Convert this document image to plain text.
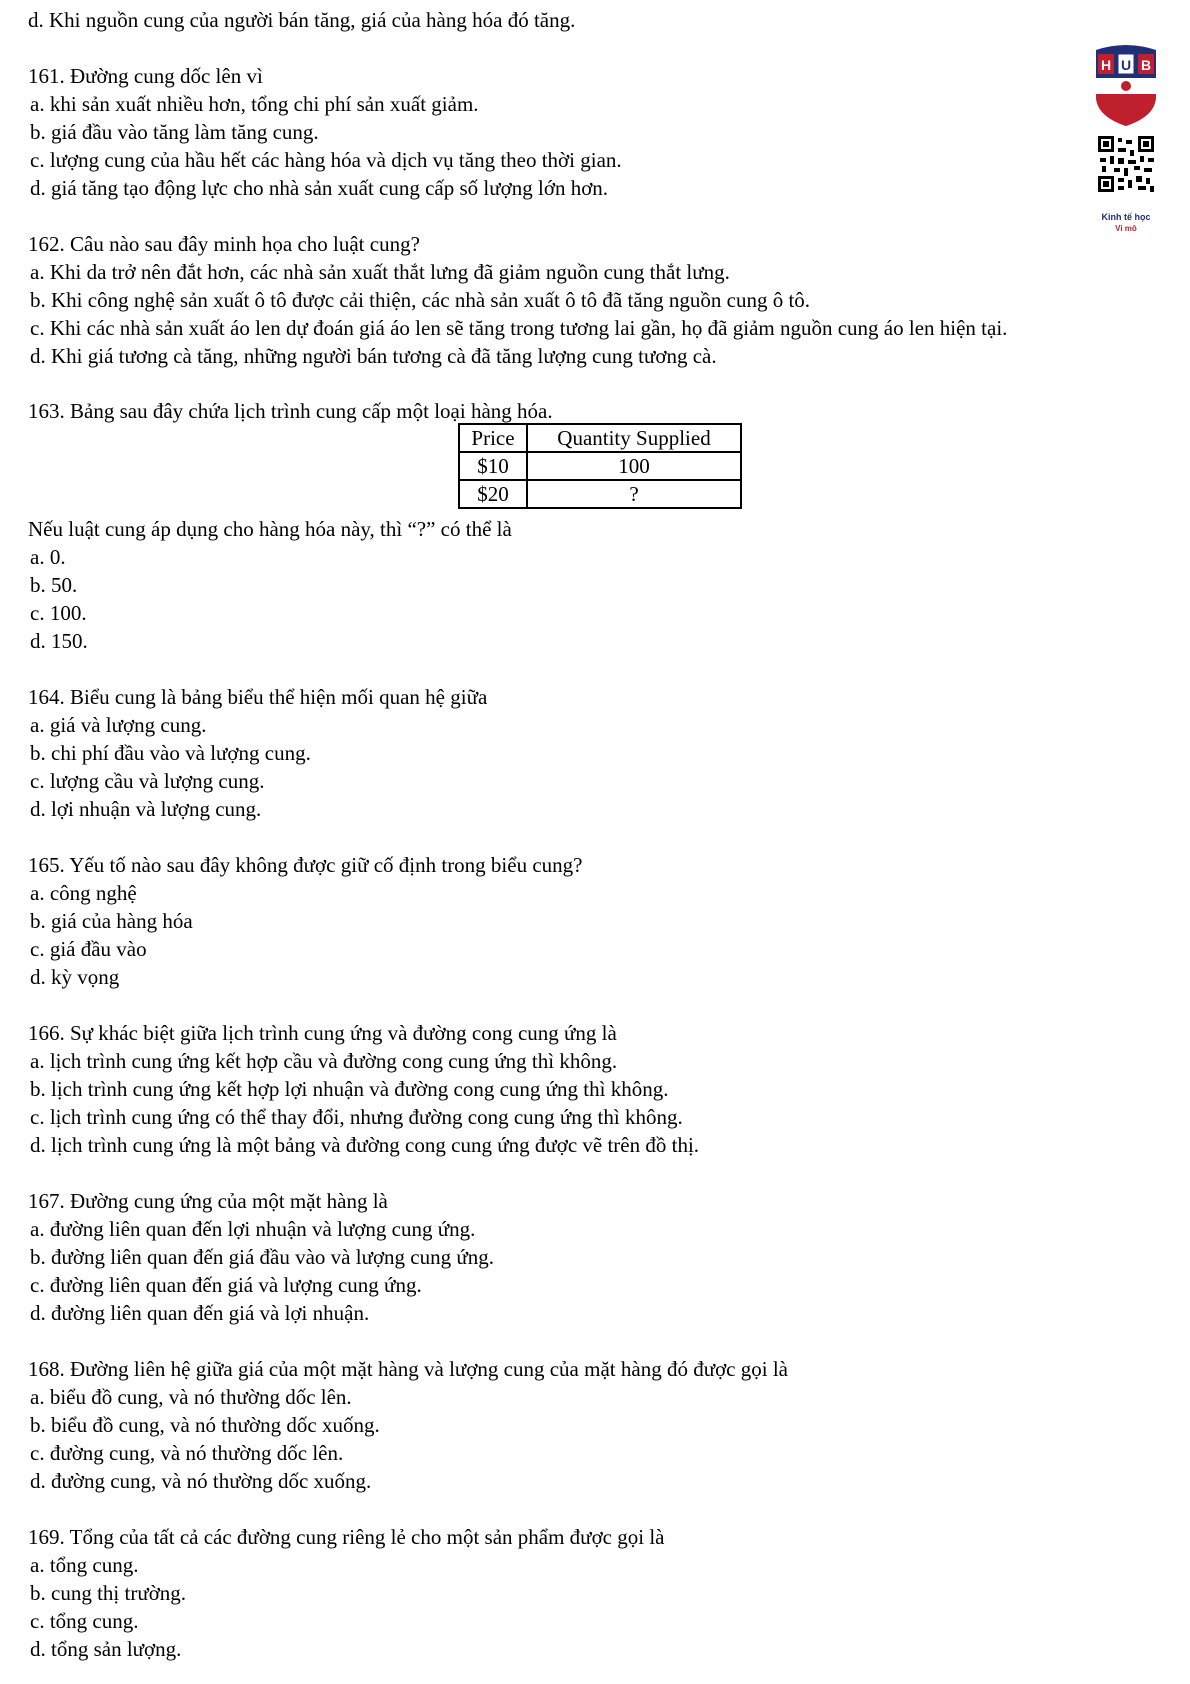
d. Khi nguồn cung của người bán tăng, giá của hàng hóa đó tăng.
H U B
Kinh tế học
Vi mô
161. Đường cung dốc lên vì
a. khi sản xuất nhiều hơn, tổng chi phí sản xuất giảm.
b. giá đầu vào tăng làm tăng cung.
c. lượng cung của hầu hết các hàng hóa và dịch vụ tăng theo thời gian.
d. giá tăng tạo động lực cho nhà sản xuất cung cấp số lượng lớn hơn.
162. Câu nào sau đây minh họa cho luật cung?
a. Khi da trở nên đắt hơn, các nhà sản xuất thắt lưng đã giảm nguồn cung thắt lưng.
b. Khi công nghệ sản xuất ô tô được cải thiện, các nhà sản xuất ô tô đã tăng nguồn cung ô tô.
c. Khi các nhà sản xuất áo len dự đoán giá áo len sẽ tăng trong tương lai gần, họ đã giảm nguồn cung áo len hiện tại.
d. Khi giá tương cà tăng, những người bán tương cà đã tăng lượng cung tương cà.
163. Bảng sau đây chứa lịch trình cung cấp một loại hàng hóa.
Price	Quantity Supplied
$10	100
$20	?
Nếu luật cung áp dụng cho hàng hóa này, thì “?” có thể là
a. 0.
b. 50.
c. 100.
d. 150.
164. Biểu cung là bảng biểu thể hiện mối quan hệ giữa
a. giá và lượng cung.
b. chi phí đầu vào và lượng cung.
c. lượng cầu và lượng cung.
d. lợi nhuận và lượng cung.
165. Yếu tố nào sau đây không được giữ cố định trong biểu cung?
a. công nghệ
b. giá của hàng hóa
c. giá đầu vào
d. kỳ vọng
166. Sự khác biệt giữa lịch trình cung ứng và đường cong cung ứng là
a. lịch trình cung ứng kết hợp cầu và đường cong cung ứng thì không.
b. lịch trình cung ứng kết hợp lợi nhuận và đường cong cung ứng thì không.
c. lịch trình cung ứng có thể thay đổi, nhưng đường cong cung ứng thì không.
d. lịch trình cung ứng là một bảng và đường cong cung ứng được vẽ trên đồ thị.
167. Đường cung ứng của một mặt hàng là
a. đường liên quan đến lợi nhuận và lượng cung ứng.
b. đường liên quan đến giá đầu vào và lượng cung ứng.
c. đường liên quan đến giá và lượng cung ứng.
d. đường liên quan đến giá và lợi nhuận.
168. Đường liên hệ giữa giá của một mặt hàng và lượng cung của mặt hàng đó được gọi là
a. biểu đồ cung, và nó thường dốc lên.
b. biểu đồ cung, và nó thường dốc xuống.
c. đường cung, và nó thường dốc lên.
d. đường cung, và nó thường dốc xuống.
169. Tổng của tất cả các đường cung riêng lẻ cho một sản phẩm được gọi là
a. tổng cung.
b. cung thị trường.
c. tổng cung.
d. tổng sản lượng.
